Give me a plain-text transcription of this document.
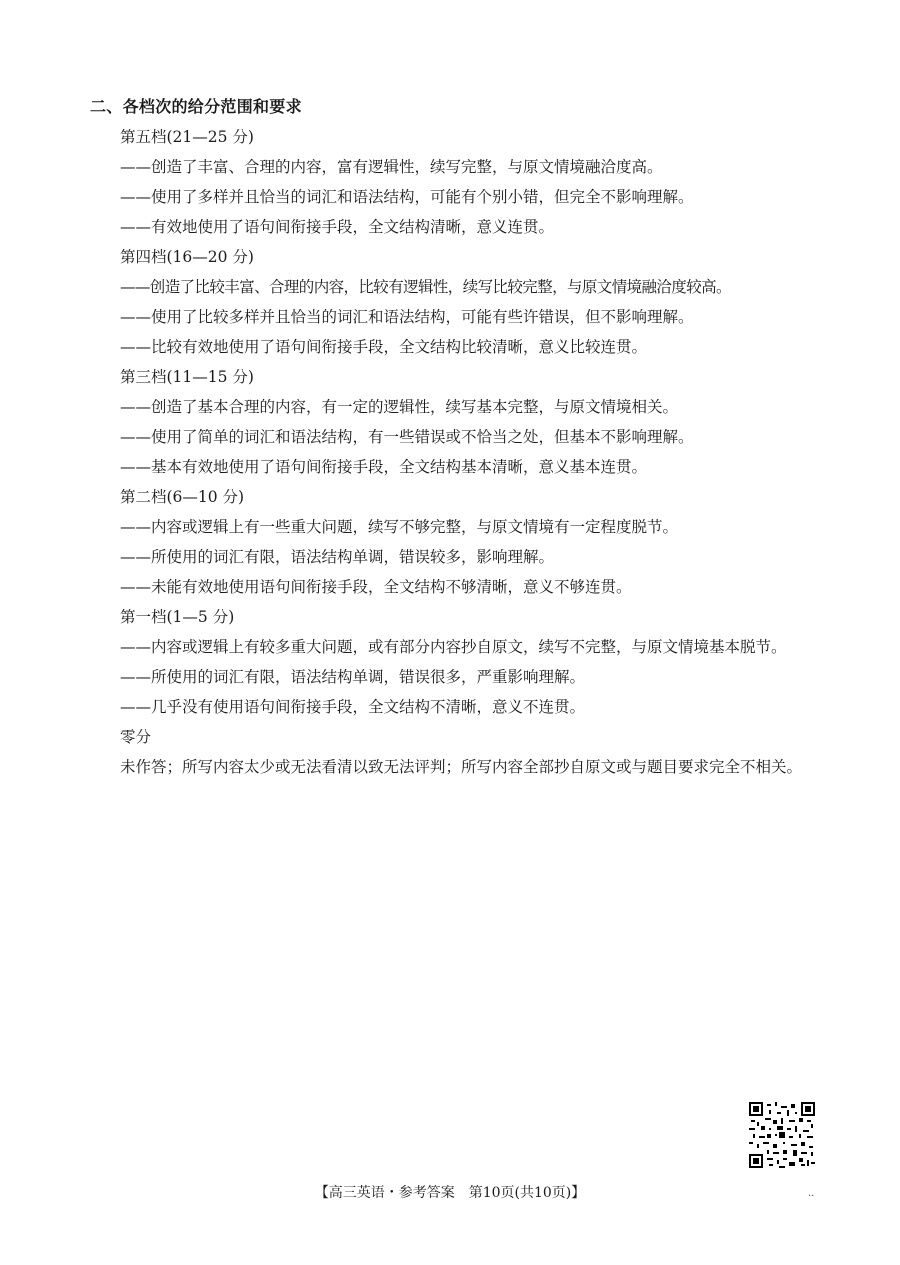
二、各档次的给分范围和要求

第五档(21—25 分)

——创造了丰富、合理的内容，富有逻辑性，续写完整，与原文情境融洽度高。

——使用了多样并且恰当的词汇和语法结构，可能有个别小错，但完全不影响理解。

——有效地使用了语句间衔接手段，全文结构清晰，意义连贯。

第四档(16—20 分)

——创造了比较丰富、合理的内容，比较有逻辑性，续写比较完整，与原文情境融洽度较高。

——使用了比较多样并且恰当的词汇和语法结构，可能有些许错误，但不影响理解。

——比较有效地使用了语句间衔接手段，全文结构比较清晰，意义比较连贯。

第三档(11—15 分)

——创造了基本合理的内容，有一定的逻辑性，续写基本完整，与原文情境相关。

——使用了简单的词汇和语法结构，有一些错误或不恰当之处，但基本不影响理解。

——基本有效地使用了语句间衔接手段，全文结构基本清晰，意义基本连贯。

第二档(6—10 分)

——内容或逻辑上有一些重大问题，续写不够完整，与原文情境有一定程度脱节。

——所使用的词汇有限，语法结构单调，错误较多，影响理解。

——未能有效地使用语句间衔接手段，全文结构不够清晰，意义不够连贯。

第一档(1—5 分)

——内容或逻辑上有较多重大问题，或有部分内容抄自原文，续写不完整，与原文情境基本脱节。

——所使用的词汇有限，语法结构单调，错误很多，严重影响理解。

——几乎没有使用语句间衔接手段，全文结构不清晰，意义不连贯。

零分

未作答；所写内容太少或无法看清以致无法评判；所写内容全部抄自原文或与题目要求完全不相关。

【高三英语・参考答案　第10页(共10页)】	..
